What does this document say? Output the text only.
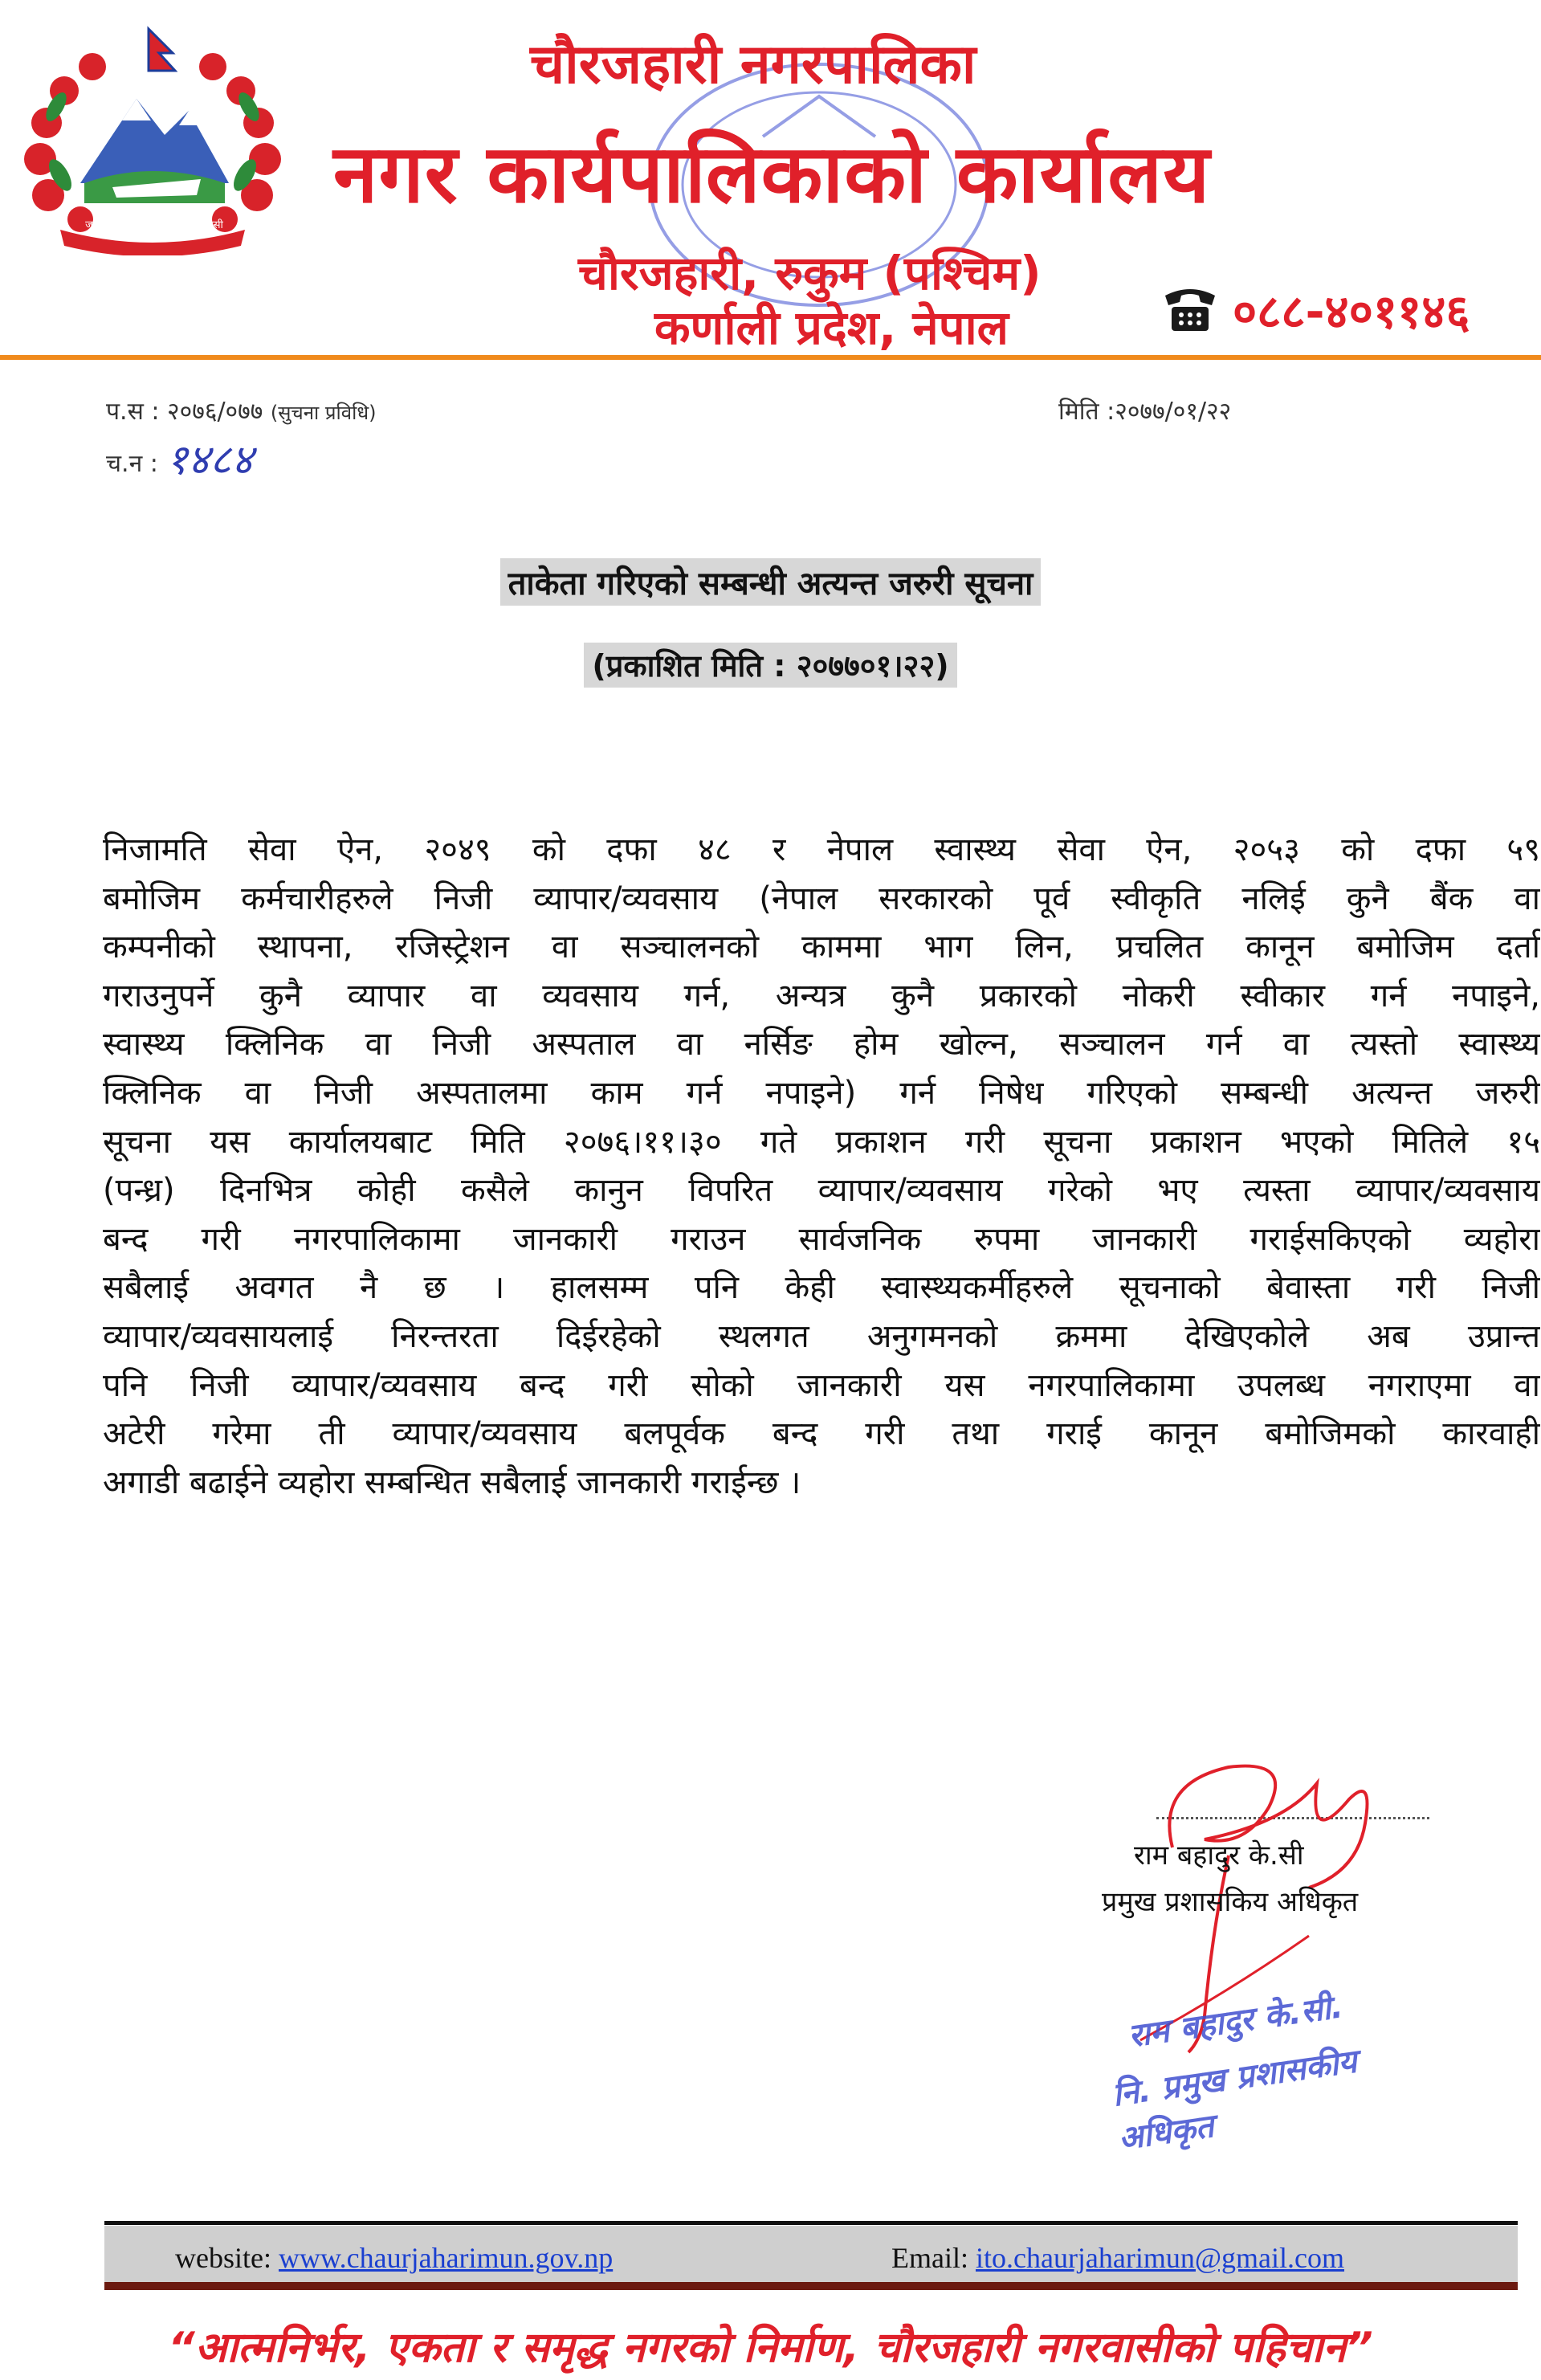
जननी जन्मभूमिश्च स्वर्गादपि गरीयसी
चौरजहारी नगरपालिका
नगर कार्यपालिकाको कार्यालय
चौरजहारी, रुकुम (पश्चिम)
कर्णाली प्रदेश, नेपाल	०८८-४०११४६
प.स : २०७६/०७७ (सुचना प्रविधि)	मिति :२०७७/०१/२२
च.न : १४८४
ताकेता गरिएको सम्बन्धी अत्यन्त जरुरी सूचना
(प्रकाशित मिति : २०७७०१।२२)
निजामति सेवा ऐन, २०४९ को दफा ४८ र नेपाल स्वास्थ्य सेवा ऐन, २०५३ को दफा ५९
बमोजिम कर्मचारीहरुले निजी व्यापार/व्यवसाय (नेपाल सरकारको पूर्व स्वीकृति नलिई कुनै बैंक वा
कम्पनीको स्थापना, रजिस्ट्रेशन वा सञ्चालनको काममा भाग लिन, प्रचलित कानून बमोजिम दर्ता
गराउनुपर्ने कुनै व्यापार वा व्यवसाय गर्न, अन्यत्र कुनै प्रकारको नोकरी स्वीकार गर्न नपाइने,
स्वास्थ्य क्लिनिक वा निजी अस्पताल वा नर्सिङ होम खोल्न, सञ्चालन गर्न वा त्यस्तो स्वास्थ्य
क्लिनिक वा निजी अस्पतालमा काम गर्न नपाइने) गर्न निषेध गरिएको सम्बन्धी अत्यन्त जरुरी
सूचना यस कार्यालयबाट मिति २०७६।११।३० गते प्रकाशन गरी सूचना प्रकाशन भएको मितिले १५
(पन्ध्र) दिनभित्र कोही कसैले कानुन विपरित व्यापार/व्यवसाय गरेको भए त्यस्ता व्यापार/व्यवसाय
बन्द गरी नगरपालिकामा जानकारी गराउन सार्वजनिक रुपमा जानकारी गराईसकिएको व्यहोरा
सबैलाई अवगत नै छ । हालसम्म पनि केही स्वास्थ्यकर्मीहरुले सूचनाको बेवास्ता गरी निजी
व्यापार/व्यवसायलाई निरन्तरता दिईरहेको स्थलगत अनुगमनको क्रममा देखिएकोले अब उप्रान्त
पनि निजी व्यापार/व्यवसाय बन्द गरी सोको जानकारी यस नगरपालिकामा उपलब्ध नगराएमा वा
अटेरी गरेमा ती व्यापार/व्यवसाय बलपूर्वक बन्द गरी तथा गराई कानून बमोजिमको कारवाही
अगाडी बढाईने व्यहोरा सम्बन्धित सबैलाई जानकारी गराईन्छ ।
राम बहादुर के.सी
प्रमुख प्रशासकिय अधिकृत
राम बहादुर के.सी.
नि. प्रमुख प्रशासकीय अधिकृत
website: www.chaurjaharimun.gov.np	Email: ito.chaurjaharimun@gmail.com
“आत्मनिर्भर, एकता र समृद्ध नगरको निर्माण, चौरजहारी नगरवासीको पहिचान”
